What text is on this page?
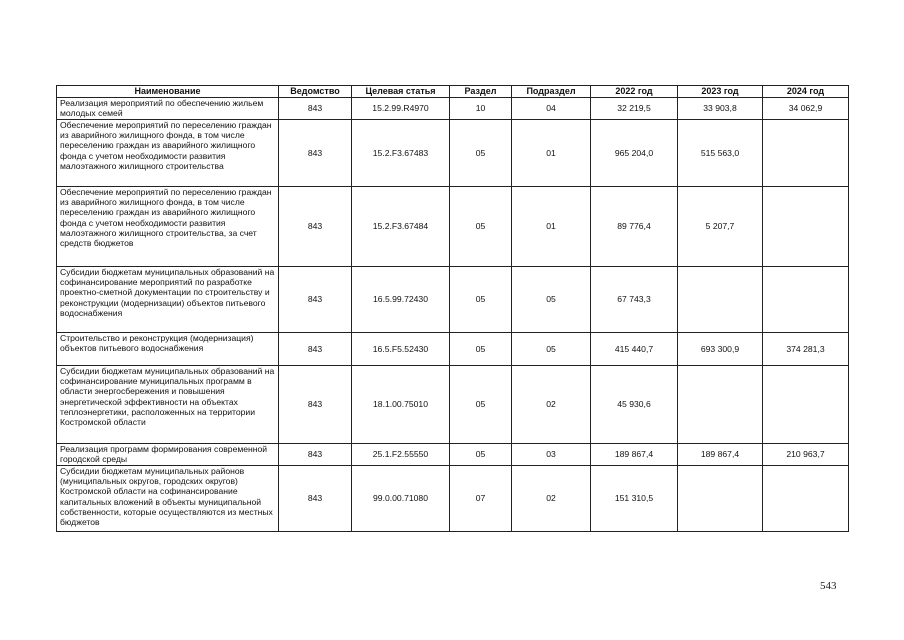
Наименование	Ведомство	Целевая статья	Раздел	Подраздел	2022 год	2023 год	2024 год
Реализация мероприятий по обеспечению жильем молодых семей	843	15.2.99.R4970	10	04	32 219,5	33 903,8	34 062,9
Обеспечение мероприятий по переселению граждан из аварийного жилищного фонда, в том числе переселению граждан из аварийного жилищного фонда с учетом необходимости развития малоэтажного жилищного строительства	843	15.2.F3.67483	05	01	965 204,0	515 563,0	
Обеспечение мероприятий по переселению граждан из аварийного жилищного фонда, в том числе переселению граждан из аварийного жилищного фонда с учетом необходимости развития малоэтажного жилищного строительства, за счет средств бюджетов	843	15.2.F3.67484	05	01	89 776,4	5 207,7	
Субсидии бюджетам муниципальных образований на софинансирование мероприятий по разработке проектно-сметной документации по строительству и реконструкции (модернизации) объектов питьевого водоснабжения	843	16.5.99.72430	05	05	67 743,3		
Строительство и реконструкция (модернизация) объектов питьевого водоснабжения	843	16.5.F5.52430	05	05	415 440,7	693 300,9	374 281,3
Субсидии бюджетам муниципальных образований на софинансирование муниципальных программ в области энергосбережения и повышения энергетической эффективности на объектах теплоэнергетики, расположенных на территории Костромской области	843	18.1.00.75010	05	02	45 930,6		
Реализация программ формирования современной городской среды	843	25.1.F2.55550	05	03	189 867,4	189 867,4	210 963,7
Субсидии бюджетам муниципальных районов (муниципальных округов, городских округов) Костромской области на софинансирование капитальных вложений в объекты муниципальной собственности, которые осуществляются из местных бюджетов	843	99.0.00.71080	07	02	151 310,5		
543
